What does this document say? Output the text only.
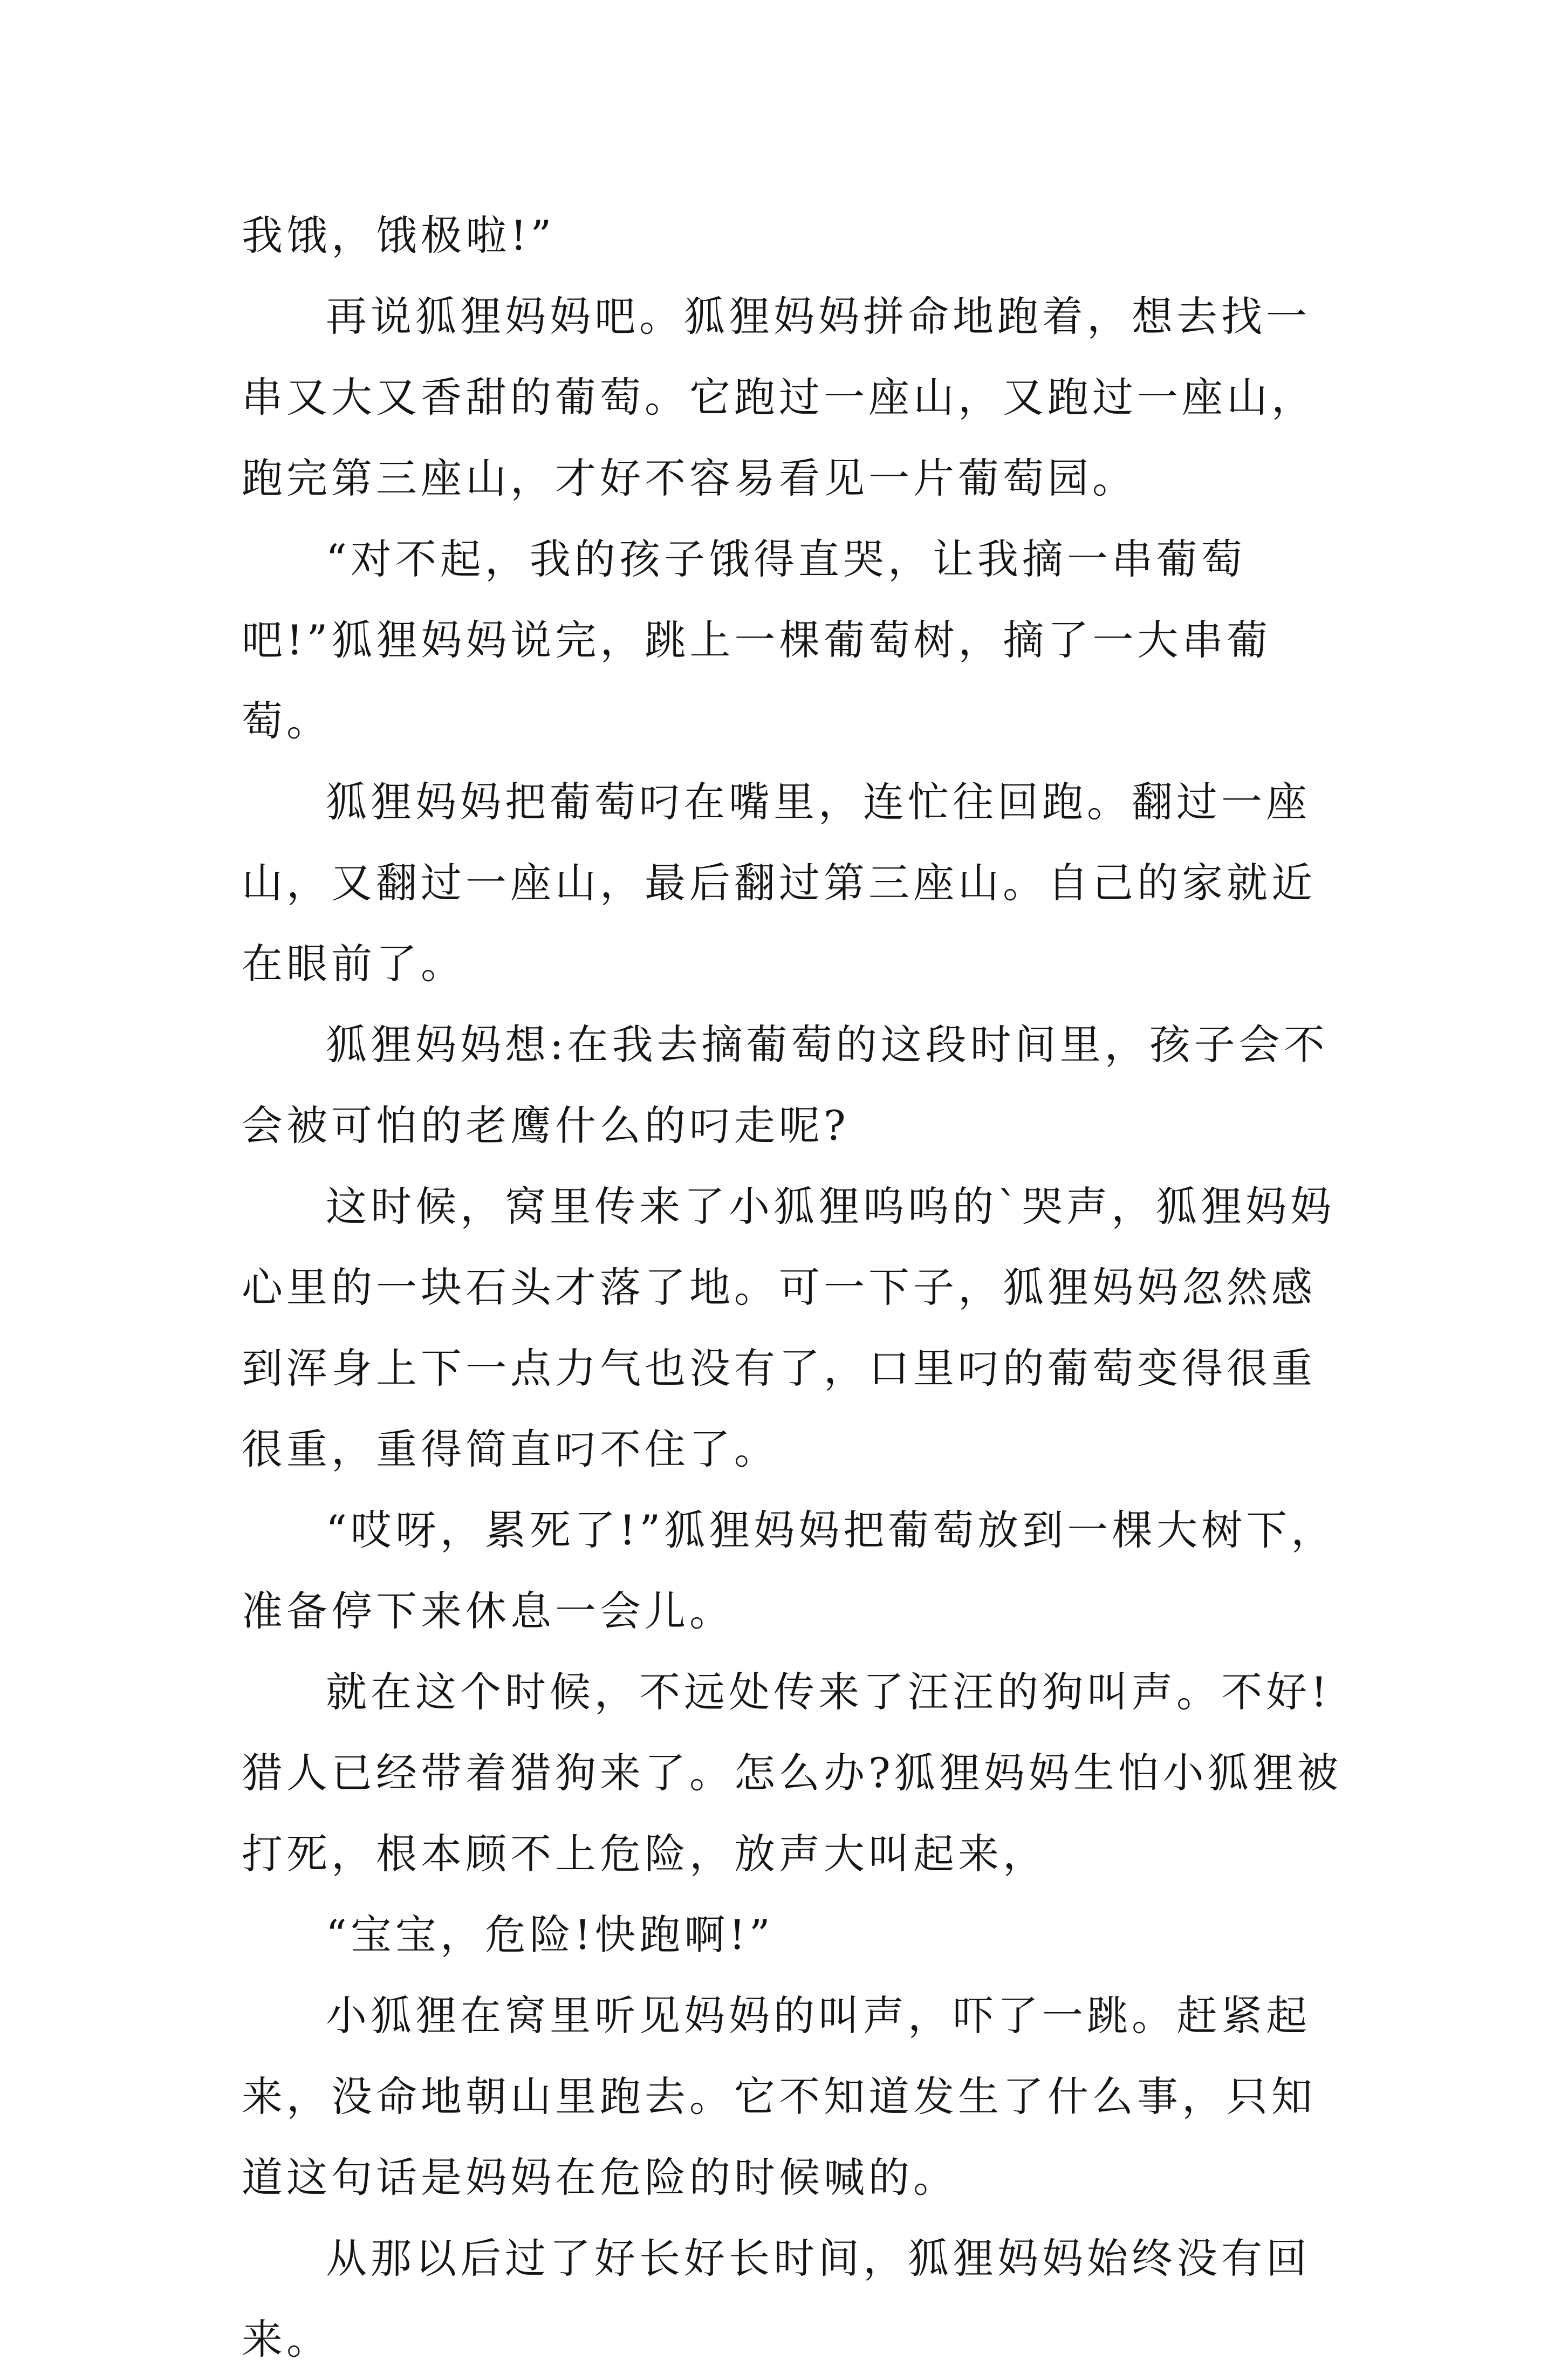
我饿，饿极啦!”

再说狐狸妈妈吧。狐狸妈妈拼命地跑着，想去找一串又大又香甜的葡萄。它跑过一座山，又跑过一座山，跑完第三座山，才好不容易看见一片葡萄园。

“对不起，我的孩子饿得直哭，让我摘一串葡萄吧!”狐狸妈妈说完，跳上一棵葡萄树，摘了一大串葡萄。

狐狸妈妈把葡萄叼在嘴里，连忙往回跑。翻过一座山，又翻过一座山，最后翻过第三座山。自己的家就近在眼前了。

狐狸妈妈想:在我去摘葡萄的这段时间里，孩子会不会被可怕的老鹰什么的叼走呢?

这时候，窝里传来了小狐狸呜呜的`哭声，狐狸妈妈心里的一块石头才落了地。可一下子，狐狸妈妈忽然感到浑身上下一点力气也没有了，口里叼的葡萄变得很重很重，重得简直叼不住了。

“哎呀，累死了!”狐狸妈妈把葡萄放到一棵大树下，准备停下来休息一会儿。

就在这个时候，不远处传来了汪汪的狗叫声。不好!猎人已经带着猎狗来了。怎么办?狐狸妈妈生怕小狐狸被打死，根本顾不上危险，放声大叫起来，

“宝宝，危险!快跑啊!”

小狐狸在窝里听见妈妈的叫声，吓了一跳。赶紧起来，没命地朝山里跑去。它不知道发生了什么事，只知道这句话是妈妈在危险的时候喊的。

从那以后过了好长好长时间，狐狸妈妈始终没有回来。
